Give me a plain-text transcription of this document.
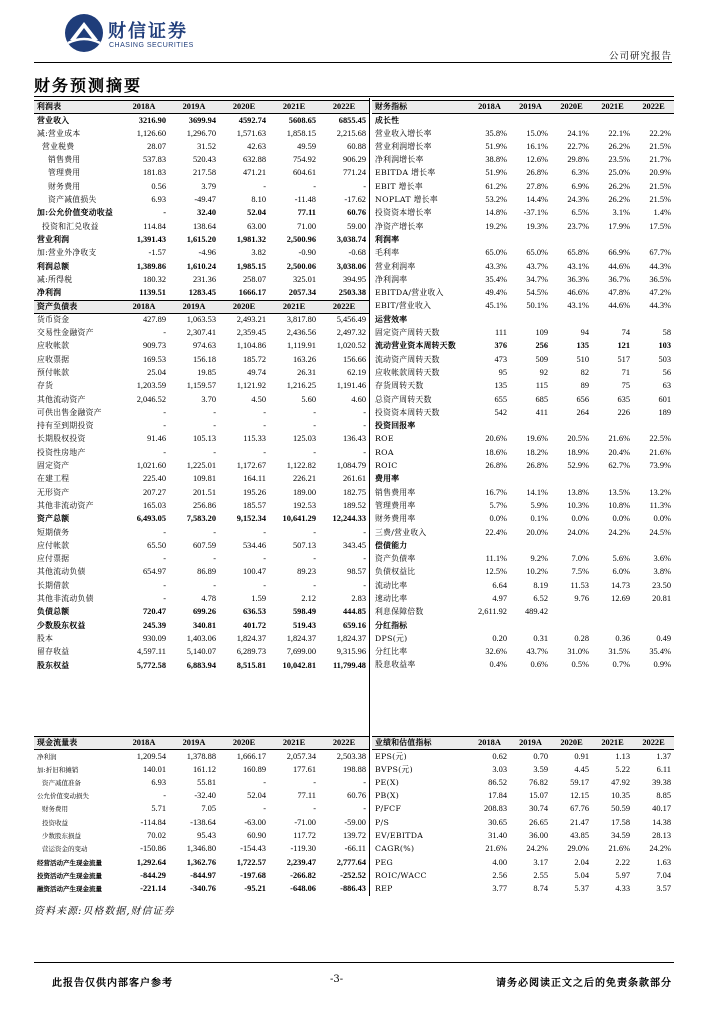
财信证券
CHASING SECURITIES
公司研究报告
财务预测摘要
利润表	2018A	2019A	2020E	2021E	2022E
营业收入	3216.90	3699.94	4592.74	5608.65	6855.45
减:营业成本	1,126.60	1,296.70	1,571.63	1,858.15	2,215.68
营业税费	28.07	31.52	42.63	49.59	60.88
销售费用	537.83	520.43	632.88	754.92	906.29
管理费用	181.83	217.58	471.21	604.61	771.24
财务费用	0.56	3.79	-	-	-
资产减值损失	6.93	-49.47	8.10	-11.48	-17.62
加:公允价值变动收益	-	32.40	52.04	77.11	60.76
投资和汇兑收益	114.84	138.64	63.00	71.00	59.00
营业利润	1,391.43	1,615.20	1,981.32	2,500.96	3,038.74
加:营业外净收支	-1.57	-4.96	3.82	-0.90	-0.68
利润总额	1,389.86	1,610.24	1,985.15	2,500.06	3,038.06
减:所得税	180.32	231.36	258.07	325.01	394.95
净利润	1139.51	1283.45	1666.17	2057.34	2503.38
资产负债表	2018A	2019A	2020E	2021E	2022E
货币资金	427.89	1,063.53	2,493.21	3,817.80	5,456.49
交易性金融资产	-	2,307.41	2,359.45	2,436.56	2,497.32
应收帐款	909.73	974.63	1,104.86	1,119.91	1,020.52
应收票据	169.53	156.18	185.72	163.26	156.66
预付帐款	25.04	19.85	49.74	26.31	62.19
存货	1,203.59	1,159.57	1,121.92	1,216.25	1,191.46
其他流动资产	2,046.52	3.70	4.50	5.60	4.60
可供出售金融资产	-	-	-	-	-
持有至到期投资	-	-	-	-	-
长期股权投资	91.46	105.13	115.33	125.03	136.43
投资性房地产	-	-	-	-	-
固定资产	1,021.60	1,225.01	1,172.67	1,122.82	1,084.79
在建工程	225.40	109.81	164.11	226.21	261.61
无形资产	207.27	201.51	195.26	189.00	182.75
其他非流动资产	165.03	256.86	185.57	192.53	189.52
资产总额	6,493.05	7,583.20	9,152.34	10,641.29	12,244.33
短期债务	-	-	-	-	-
应付帐款	65.50	607.59	534.46	507.13	343.45
应付票据	-	-	-	-	-
其他流动负债	654.97	86.89	100.47	89.23	98.57
长期借款	-	-	-	-	-
其他非流动负债	-	4.78	1.59	2.12	2.83
负债总额	720.47	699.26	636.53	598.49	444.85
少数股东权益	245.39	340.81	401.72	519.43	659.16
股本	930.09	1,403.06	1,824.37	1,824.37	1,824.37
留存收益	4,597.11	5,140.07	6,289.73	7,699.00	9,315.96
股东权益	5,772.58	6,883.94	8,515.81	10,042.81	11,799.48
现金流量表	2018A	2019A	2020E	2021E	2022E
净利润	1,209.54	1,378.88	1,666.17	2,057.34	2,503.38
加:折旧和摊销	140.01	161.12	160.89	177.61	198.88
资产减值准备	6.93	55.81	-	-	-
公允价值变动损失	-	-32.40	52.04	77.11	60.76
财务费用	5.71	7.05	-	-	-
投资收益	-114.84	-138.64	-63.00	-71.00	-59.00
少数股东损益	70.02	95.43	60.90	117.72	139.72
营运资金的变动	-150.86	1,346.80	-154.43	-119.30	-66.11
经营活动产生现金流量	1,292.64	1,362.76	1,722.57	2,239.47	2,777.64
投资活动产生现金流量	-844.29	-844.97	-197.68	-266.82	-252.52
融资活动产生现金流量	-221.14	-340.76	-95.21	-648.06	-886.43
财务指标	2018A	2019A	2020E	2021E	2022E
成长性					
营业收入增长率	35.8%	15.0%	24.1%	22.1%	22.2%
营业利润增长率	51.9%	16.1%	22.7%	26.2%	21.5%
净利润增长率	38.8%	12.6%	29.8%	23.5%	21.7%
EBITDA 增长率	51.9%	26.8%	6.3%	25.0%	20.9%
EBIT 增长率	61.2%	27.8%	6.9%	26.2%	21.5%
NOPLAT 增长率	53.2%	14.4%	24.3%	26.2%	21.5%
投资资本增长率	14.8%	-37.1%	6.5%	3.1%	1.4%
净资产增长率	19.2%	19.3%	23.7%	17.9%	17.5%
利润率					
毛利率	65.0%	65.0%	65.8%	66.9%	67.7%
营业利润率	43.3%	43.7%	43.1%	44.6%	44.3%
净利润率	35.4%	34.7%	36.3%	36.7%	36.5%
EBITDA/营业收入	49.4%	54.5%	46.6%	47.8%	47.2%
EBIT/营业收入	45.1%	50.1%	43.1%	44.6%	44.3%
运营效率					
固定资产周转天数	111	109	94	74	58
流动营业资本周转天数	376	256	135	121	103
流动资产周转天数	473	509	510	517	503
应收帐款周转天数	95	92	82	71	56
存货周转天数	135	115	89	75	63
总资产周转天数	655	685	656	635	601
投资资本周转天数	542	411	264	226	189
投资回报率					
ROE	20.6%	19.6%	20.5%	21.6%	22.5%
ROA	18.6%	18.2%	18.9%	20.4%	21.6%
ROIC	26.8%	26.8%	52.9%	62.7%	73.9%
费用率					
销售费用率	16.7%	14.1%	13.8%	13.5%	13.2%
管理费用率	5.7%	5.9%	10.3%	10.8%	11.3%
财务费用率	0.0%	0.1%	0.0%	0.0%	0.0%
三费/营业收入	22.4%	20.0%	24.0%	24.2%	24.5%
偿债能力					
资产负债率	11.1%	9.2%	7.0%	5.6%	3.6%
负债权益比	12.5%	10.2%	7.5%	6.0%	3.8%
流动比率	6.64	8.19	11.53	14.73	23.50
速动比率	4.97	6.52	9.76	12.69	20.81
利息保障倍数	2,611.92	489.42			
分红指标					
DPS(元)	0.20	0.31	0.28	0.36	0.49
分红比率	32.6%	43.7%	31.0%	31.5%	35.4%
股息收益率	0.4%	0.6%	0.5%	0.7%	0.9%
业绩和估值指标	2018A	2019A	2020E	2021E	2022E
EPS(元)	0.62	0.70	0.91	1.13	1.37
BVPS(元)	3.03	3.59	4.45	5.22	6.11
PE(X)	86.52	76.82	59.17	47.92	39.38
PB(X)	17.84	15.07	12.15	10.35	8.85
P/FCF	208.83	30.74	67.76	50.59	40.17
P/S	30.65	26.65	21.47	17.58	14.38
EV/EBITDA	31.40	36.00	43.85	34.59	28.13
CAGR(%)	21.6%	24.2%	29.0%	21.6%	24.2%
PEG	4.00	3.17	2.04	2.22	1.63
ROIC/WACC	2.56	2.55	5.04	5.97	7.04
REP	3.77	8.74	5.37	4.33	3.57
资料来源:贝格数据,财信证券
此报告仅供内部客户参考	-3-	请务必阅读正文之后的免责条款部分
